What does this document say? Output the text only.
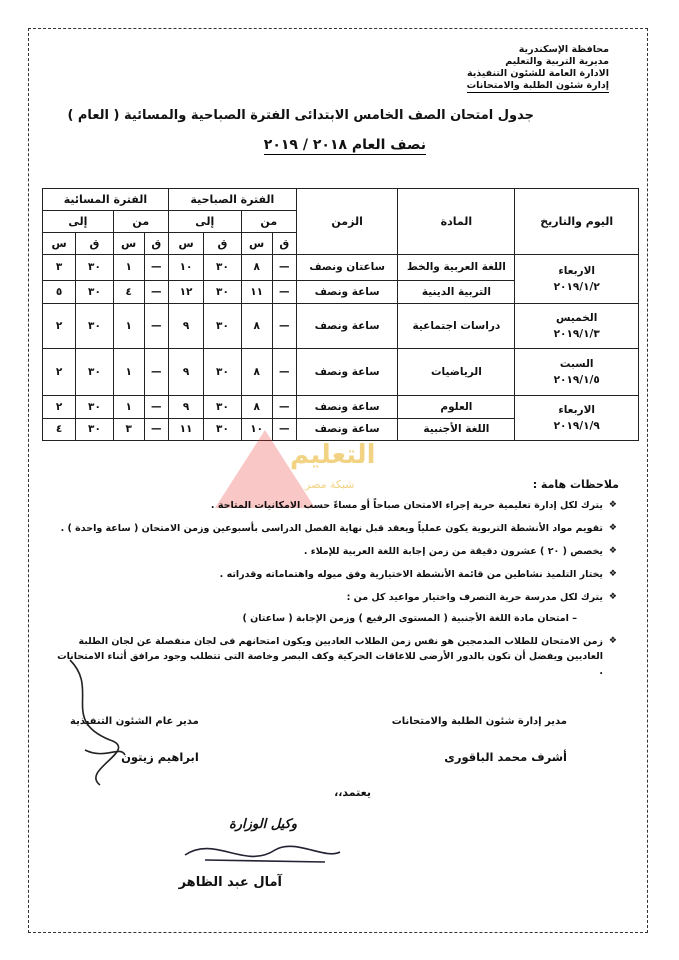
محافظة الإسكندرية
مديرية التربية والتعليم
الادارة العامة للشئون التنفيذية
إدارة شئون الطلبة والامتحانات
جدول امتحان الصف الخامس الابتدائى الفترة الصباحية والمسائية ( العام )
نصف العام ٢٠١٨ / ٢٠١٩
اليوم والتاريخ	المادة	الزمن	الفترة الصباحية				الفترة المسائية			
			من		إلى		من		إلى	
			ق	س	ق	س	ق	س	ق	س

الاربعاء
٢٠١٩/١/٢	اللغة العربية والخط	ساعتان ونصف	—	٨	٣٠	١٠	—	١	٣٠	٣
	التربية الدينية	ساعة ونصف	—	١١	٣٠	١٢	—	٤	٣٠	٥

الخميس
٢٠١٩/١/٣	دراسات اجتماعية	ساعة ونصف	—	٨	٣٠	٩	—	١	٣٠	٢

السبت
٢٠١٩/١/٥	الرياضيات	ساعة ونصف	—	٨	٣٠	٩	—	١	٣٠	٢

الاربعاء
٢٠١٩/١/٩	العلوم	ساعة ونصف	—	٨	٣٠	٩	—	١	٣٠	٢
	اللغة الأجنبية	ساعة ونصف	—	١٠	٣٠	١١	—	٣	٣٠	٤
التعليم
شبكة مصر	ملاحظات هامة :
❖
يترك لكل إدارة تعليمية حرية إجراء الامتحان صباحاً أو مساءً حسب الامكانيات المتاحة .
❖
تقويم مواد الأنشطة التربوية يكون عملياً ويعقد قبل نهاية الفصل الدراسى بأسبوعين وزمن الامتحان ( ساعة واحدة ) .
❖
يخصص ( ٢٠ ) عشرون دقيقة من زمن إجابة اللغة العربية للإملاء .
❖
يختار التلميذ نشاطين من قائمة الأنشطة الاختيارية وفق ميوله واهتماماته وقدراته .
❖
يترك لكل مدرسة حرية التصرف واختيار مواعيد كل من :
– امتحان مادة اللغة الأجنبية ( المستوى الرفيع ) وزمن الإجابة ( ساعتان )
❖
زمن الامتحان للطلاب المدمجين هو نفس زمن الطلاب العاديين ويكون امتحانهم فى لجان منفصلة عن لجان الطلبة العاديين ويفضل أن تكون بالدور الأرضى للاعاقات الحركية وكف البصر وخاصة التى تتطلب وجود مرافق أثناء الامتحانات .
مدير إدارة شئون الطلبة والامتحانات
أشرف محمد الباقورى
مدير عام الشئون التنفيذية
ابراهيم زيتون
يعتمد،،
وكيل الوزارة
آمال عبد الظاهر
